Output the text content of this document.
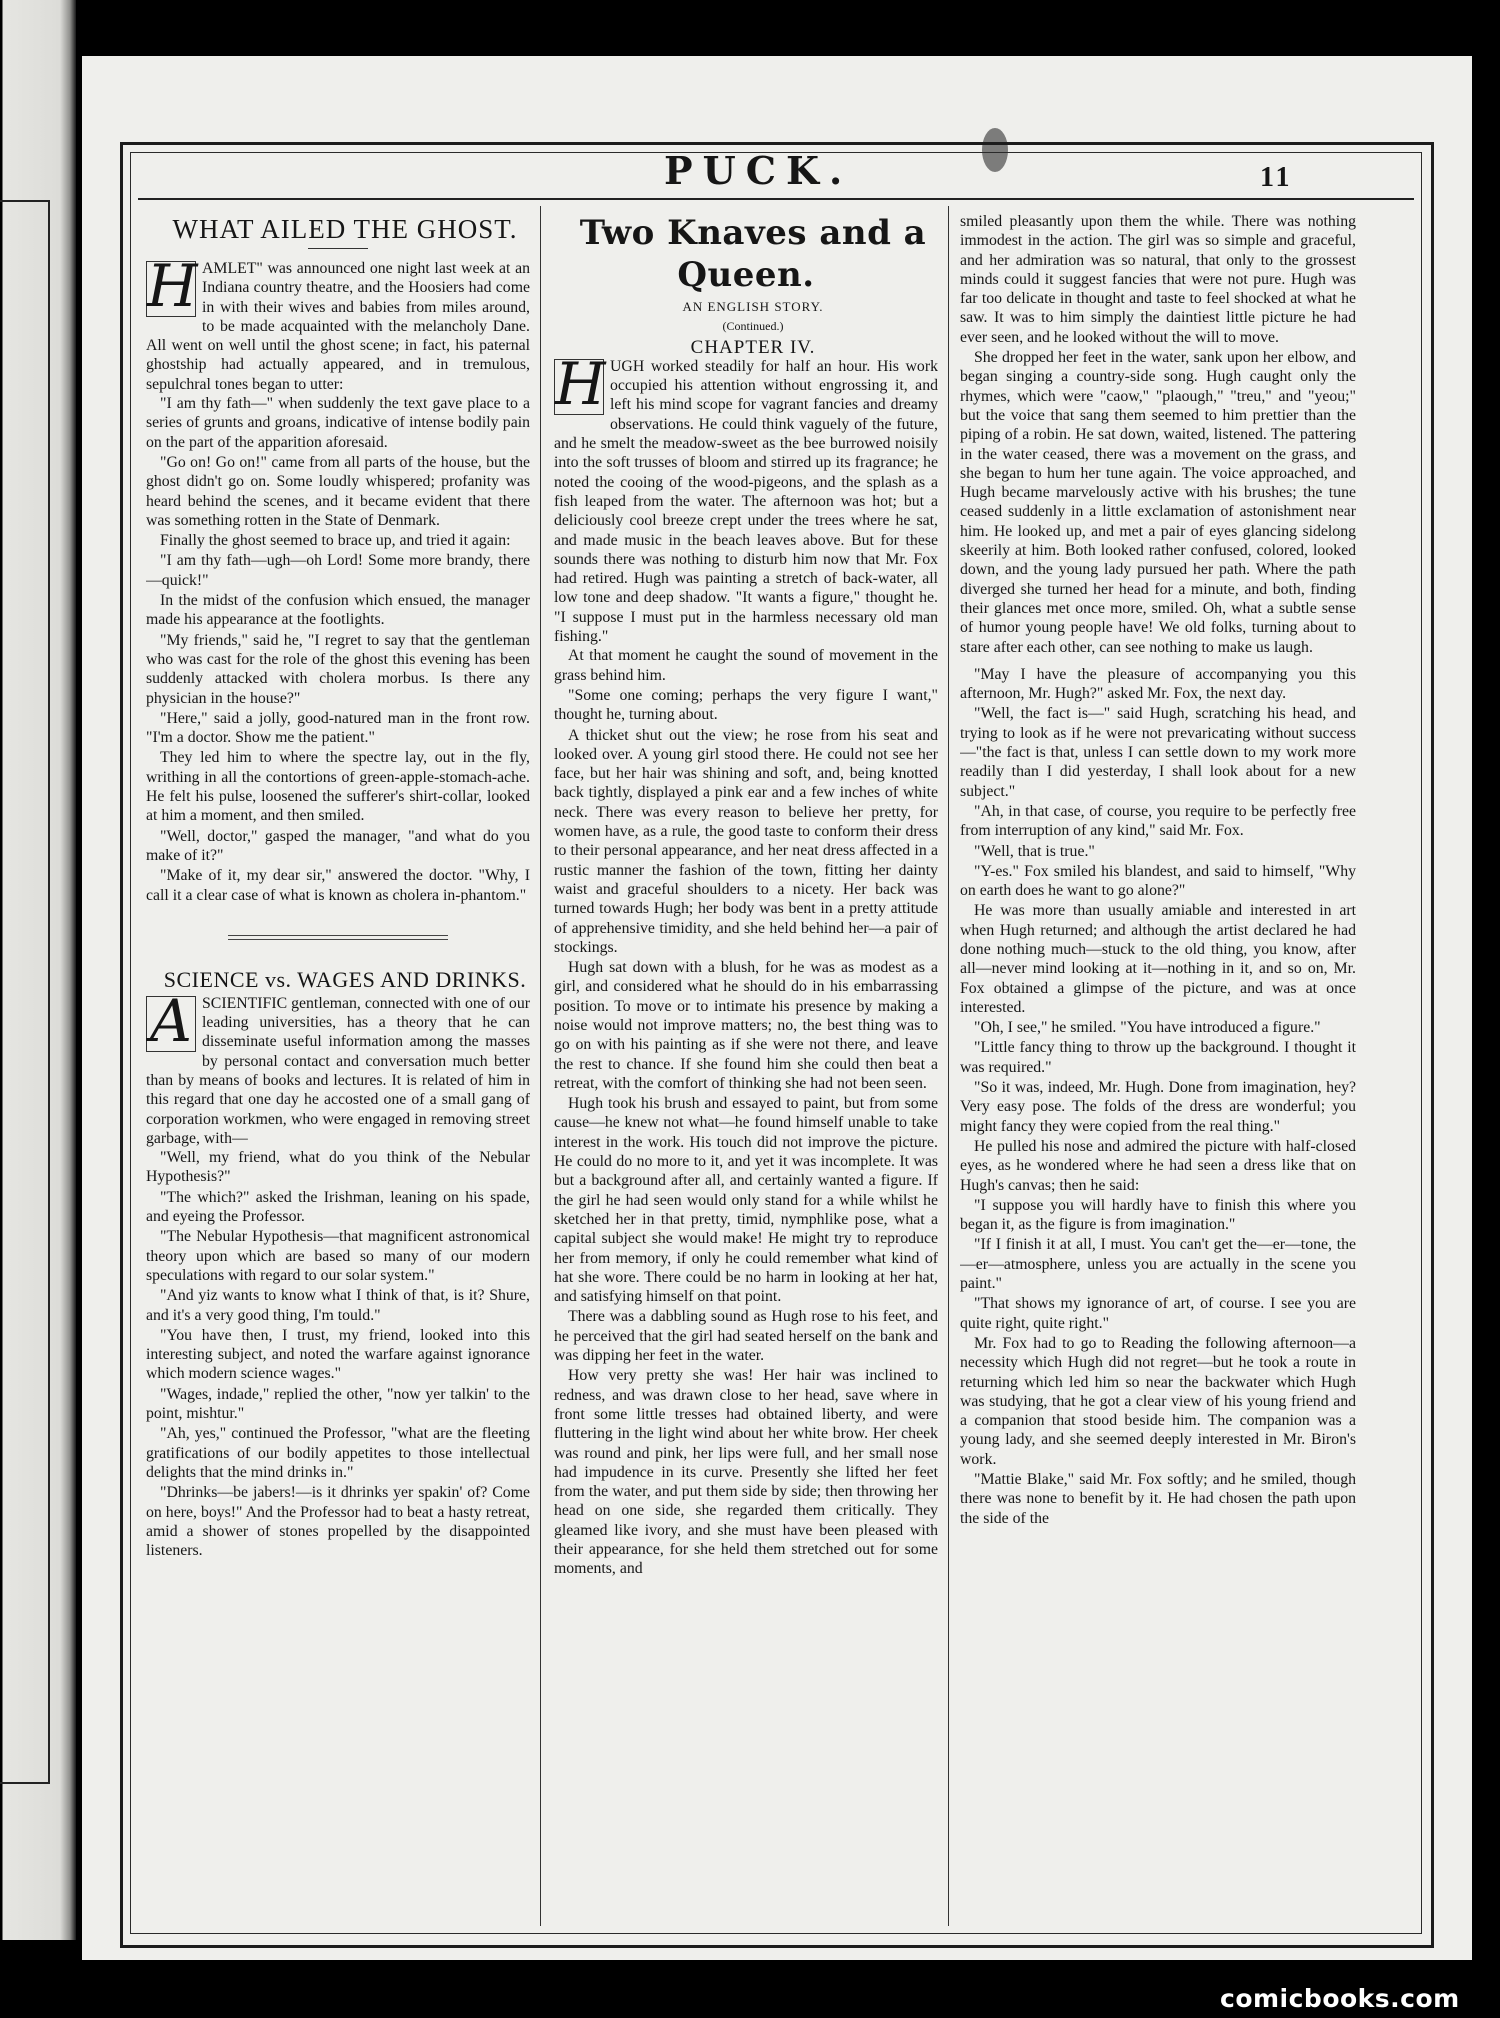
PUCK.	11

WHAT AILED THE GHOST.

H AMLET" was announced one night last week at an Indiana country theatre, and the Hoosiers had come in with their wives and babies from miles around, to be made acquainted with the melancholy Dane. All went on well until the ghost scene; in fact, his paternal ghostship had actually appeared, and in tremulous, sepulchral tones began to utter:

"I am thy fath—" when suddenly the text gave place to a series of grunts and groans, indicative of intense bodily pain on the part of the apparition aforesaid.

"Go on! Go on!" came from all parts of the house, but the ghost didn't go on. Some loudly whispered; profanity was heard behind the scenes, and it became evident that there was something rotten in the State of Denmark.

Finally the ghost seemed to brace up, and tried it again:

"I am thy fath—ugh—oh Lord! Some more brandy, there—quick!"

In the midst of the confusion which ensued, the manager made his appearance at the footlights.

"My friends," said he, "I regret to say that the gentleman who was cast for the role of the ghost this evening has been suddenly attacked with cholera morbus. Is there any physician in the house?"

"Here," said a jolly, good-natured man in the front row. "I'm a doctor. Show me the patient."

They led him to where the spectre lay, out in the fly, writhing in all the contortions of green-apple-stomach-ache. He felt his pulse, loosened the sufferer's shirt-collar, looked at him a moment, and then smiled.

"Well, doctor," gasped the manager, "and what do you make of it?"

"Make of it, my dear sir," answered the doctor. "Why, I call it a clear case of what is known as cholera in-phantom."

SCIENCE vs. WAGES AND DRINKS.

A SCIENTIFIC gentleman, connected with one of our leading universities, has a theory that he can disseminate useful information among the masses by personal contact and conversation much better than by means of books and lectures. It is related of him in this regard that one day he accosted one of a small gang of corporation workmen, who were engaged in removing street garbage, with—

"Well, my friend, what do you think of the Nebular Hypothesis?"

"The which?" asked the Irishman, leaning on his spade, and eyeing the Professor.

"The Nebular Hypothesis—that magnificent astronomical theory upon which are based so many of our modern speculations with regard to our solar system."

"And yiz wants to know what I think of that, is it? Shure, and it's a very good thing, I'm tould."

"You have then, I trust, my friend, looked into this interesting subject, and noted the warfare against ignorance which modern science wages."

"Wages, indade," replied the other, "now yer talkin' to the point, mishtur."

"Ah, yes," continued the Professor, "what are the fleeting gratifications of our bodily appetites to those intellectual delights that the mind drinks in."

"Dhrinks—be jabers!—is it dhrinks yer spakin' of? Come on here, boys!" And the Professor had to beat a hasty retreat, amid a shower of stones propelled by the disappointed listeners.

Two Knaves and a Queen.

AN ENGLISH STORY.

(Continued.)

CHAPTER IV.

H UGH worked steadily for half an hour. His work occupied his attention without engrossing it, and left his mind scope for vagrant fancies and dreamy observations. He could think vaguely of the future, and he smelt the meadow-sweet as the bee burrowed noisily into the soft trusses of bloom and stirred up its fragrance; he noted the cooing of the wood-pigeons, and the splash as a fish leaped from the water. The afternoon was hot; but a deliciously cool breeze crept under the trees where he sat, and made music in the beach leaves above. But for these sounds there was nothing to disturb him now that Mr. Fox had retired. Hugh was painting a stretch of back-water, all low tone and deep shadow. "It wants a figure," thought he. "I suppose I must put in the harmless necessary old man fishing."

At that moment he caught the sound of movement in the grass behind him.

"Some one coming; perhaps the very figure I want," thought he, turning about.

A thicket shut out the view; he rose from his seat and looked over. A young girl stood there. He could not see her face, but her hair was shining and soft, and, being knotted back tightly, displayed a pink ear and a few inches of white neck. There was every reason to believe her pretty, for women have, as a rule, the good taste to conform their dress to their personal appearance, and her neat dress affected in a rustic manner the fashion of the town, fitting her dainty waist and graceful shoulders to a nicety. Her back was turned towards Hugh; her body was bent in a pretty attitude of apprehensive timidity, and she held behind her—a pair of stockings.

Hugh sat down with a blush, for he was as modest as a girl, and considered what he should do in his embarrassing position. To move or to intimate his presence by making a noise would not improve matters; no, the best thing was to go on with his painting as if she were not there, and leave the rest to chance. If she found him she could then beat a retreat, with the comfort of thinking she had not been seen.

Hugh took his brush and essayed to paint, but from some cause—he knew not what—he found himself unable to take interest in the work. His touch did not improve the picture. He could do no more to it, and yet it was incomplete. It was but a background after all, and certainly wanted a figure. If the girl he had seen would only stand for a while whilst he sketched her in that pretty, timid, nymphlike pose, what a capital subject she would make! He might try to reproduce her from memory, if only he could remember what kind of hat she wore. There could be no harm in looking at her hat, and satisfying himself on that point.

There was a dabbling sound as Hugh rose to his feet, and he perceived that the girl had seated herself on the bank and was dipping her feet in the water.

How very pretty she was! Her hair was inclined to redness, and was drawn close to her head, save where in front some little tresses had obtained liberty, and were fluttering in the light wind about her white brow. Her cheek was round and pink, her lips were full, and her small nose had impudence in its curve. Presently she lifted her feet from the water, and put them side by side; then throwing her head on one side, she regarded them critically. They gleamed like ivory, and she must have been pleased with their appearance, for she held them stretched out for some moments, and

smiled pleasantly upon them the while. There was nothing immodest in the action. The girl was so simple and graceful, and her admiration was so natural, that only to the grossest minds could it suggest fancies that were not pure. Hugh was far too delicate in thought and taste to feel shocked at what he saw. It was to him simply the daintiest little picture he had ever seen, and he looked without the will to move.

She dropped her feet in the water, sank upon her elbow, and began singing a country-side song. Hugh caught only the rhymes, which were "caow," "plaough," "treu," and "yeou;" but the voice that sang them seemed to him prettier than the piping of a robin. He sat down, waited, listened. The pattering in the water ceased, there was a movement on the grass, and she began to hum her tune again. The voice approached, and Hugh became marvelously active with his brushes; the tune ceased suddenly in a little exclamation of astonishment near him. He looked up, and met a pair of eyes glancing sidelong skeerily at him. Both looked rather confused, colored, looked down, and the young lady pursued her path. Where the path diverged she turned her head for a minute, and both, finding their glances met once more, smiled. Oh, what a subtle sense of humor young people have! We old folks, turning about to stare after each other, can see nothing to make us laugh.

"May I have the pleasure of accompanying you this afternoon, Mr. Hugh?" asked Mr. Fox, the next day.

"Well, the fact is—" said Hugh, scratching his head, and trying to look as if he were not prevaricating without success—"the fact is that, unless I can settle down to my work more readily than I did yesterday, I shall look about for a new subject."

"Ah, in that case, of course, you require to be perfectly free from interruption of any kind," said Mr. Fox.

"Well, that is true."

"Y-es." Fox smiled his blandest, and said to himself, "Why on earth does he want to go alone?"

He was more than usually amiable and interested in art when Hugh returned; and although the artist declared he had done nothing much—stuck to the old thing, you know, after all—never mind looking at it—nothing in it, and so on, Mr. Fox obtained a glimpse of the picture, and was at once interested.

"Oh, I see," he smiled. "You have introduced a figure."

"Little fancy thing to throw up the background. I thought it was required."

"So it was, indeed, Mr. Hugh. Done from imagination, hey? Very easy pose. The folds of the dress are wonderful; you might fancy they were copied from the real thing."

He pulled his nose and admired the picture with half-closed eyes, as he wondered where he had seen a dress like that on Hugh's canvas; then he said:

"I suppose you will hardly have to finish this where you began it, as the figure is from imagination."

"If I finish it at all, I must. You can't get the—er—tone, the—er—atmosphere, unless you are actually in the scene you paint."

"That shows my ignorance of art, of course. I see you are quite right, quite right."

Mr. Fox had to go to Reading the following afternoon—a necessity which Hugh did not regret—but he took a route in returning which led him so near the backwater which Hugh was studying, that he got a clear view of his young friend and a companion that stood beside him. The companion was a young lady, and she seemed deeply interested in Mr. Biron's work.

"Mattie Blake," said Mr. Fox softly; and he smiled, though there was none to benefit by it. He had chosen the path upon the side of the

comicbooks.com
